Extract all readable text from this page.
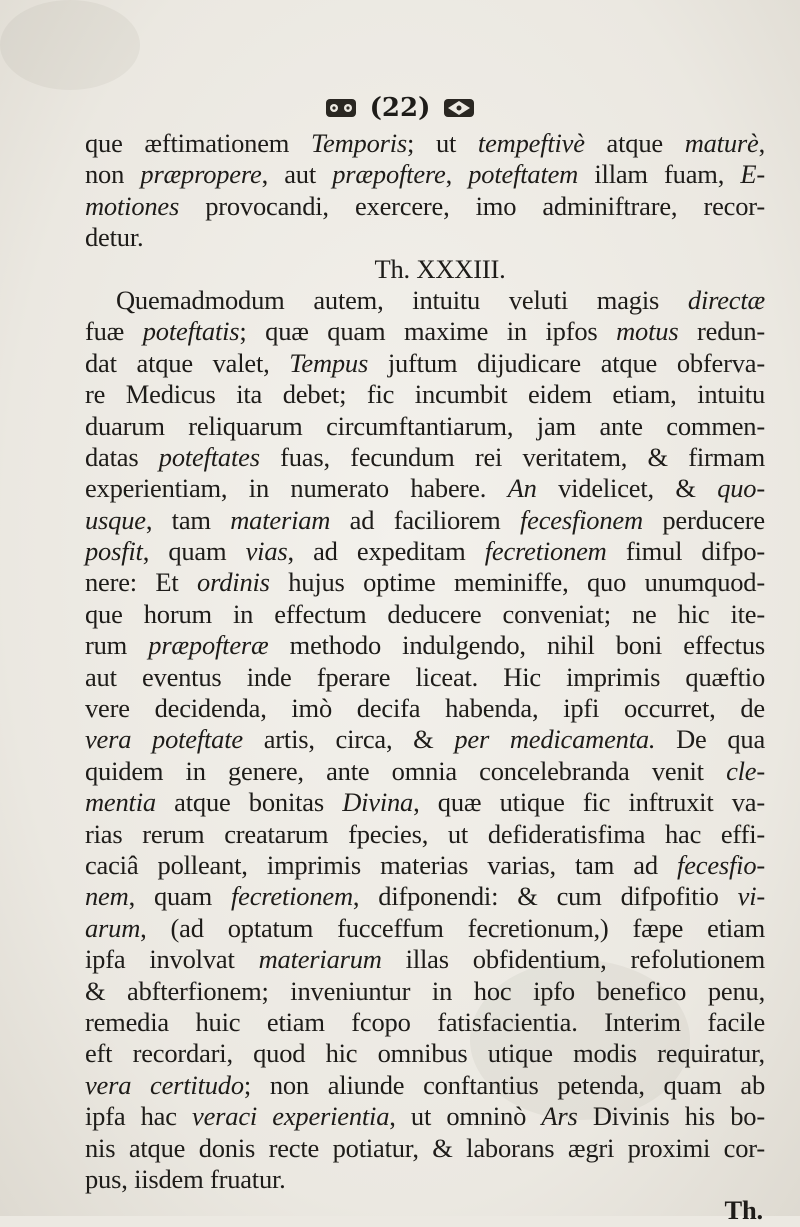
(22)
que æftimationem Temporis; ut tempeftivè atque maturè,
non præpropere, aut præpoftere, poteftatem illam fuam, E-
motiones provocandi, exercere, imo adminiftrare, recor-
detur.
Th. XXXIII.
Quemadmodum autem, intuitu veluti magis directæ
fuæ poteftatis; quæ quam maxime in ipfos motus redun-
dat atque valet, Tempus juftum dijudicare atque obferva-
re Medicus ita debet; fic incumbit eidem etiam, intuitu
duarum reliquarum circumftantiarum, jam ante commen-
datas poteftates fuas, fecundum rei veritatem, & firmam
experientiam, in numerato habere. An videlicet, & quo-
usque, tam materiam ad faciliorem fecesfionem perducere
posfit, quam vias, ad expeditam fecretionem fimul difpo-
nere: Et ordinis hujus optime meminiffe, quo unumquod-
que horum in effectum deducere conveniat; ne hic ite-
rum præpofteræ methodo indulgendo, nihil boni effectus
aut eventus inde fperare liceat. Hic imprimis quæftio
vere decidenda, imò decifa habenda, ipfi occurret, de
vera poteftate artis, circa, & per medicamenta. De qua
quidem in genere, ante omnia concelebranda venit cle-
mentia atque bonitas Divina, quæ utique fic inftruxit va-
rias rerum creatarum fpecies, ut defideratisfima hac effi-
caciâ polleant, imprimis materias varias, tam ad fecesfio-
nem, quam fecretionem, difponendi: & cum difpofitio vi-
arum, (ad optatum fucceffum fecretionum,) fæpe etiam
ipfa involvat materiarum illas obfidentium, refolutionem
& abfterfionem; inveniuntur in hoc ipfo benefico penu,
remedia huic etiam fcopo fatisfacientia. Interim facile
eft recordari, quod hic omnibus utique modis requiratur,
vera certitudo; non aliunde conftantius petenda, quam ab
ipfa hac veraci experientia, ut omninò Ars Divinis his bo-
nis atque donis recte potiatur, & laborans ægri proximi cor-
pus, iisdem fruatur.
Th.
